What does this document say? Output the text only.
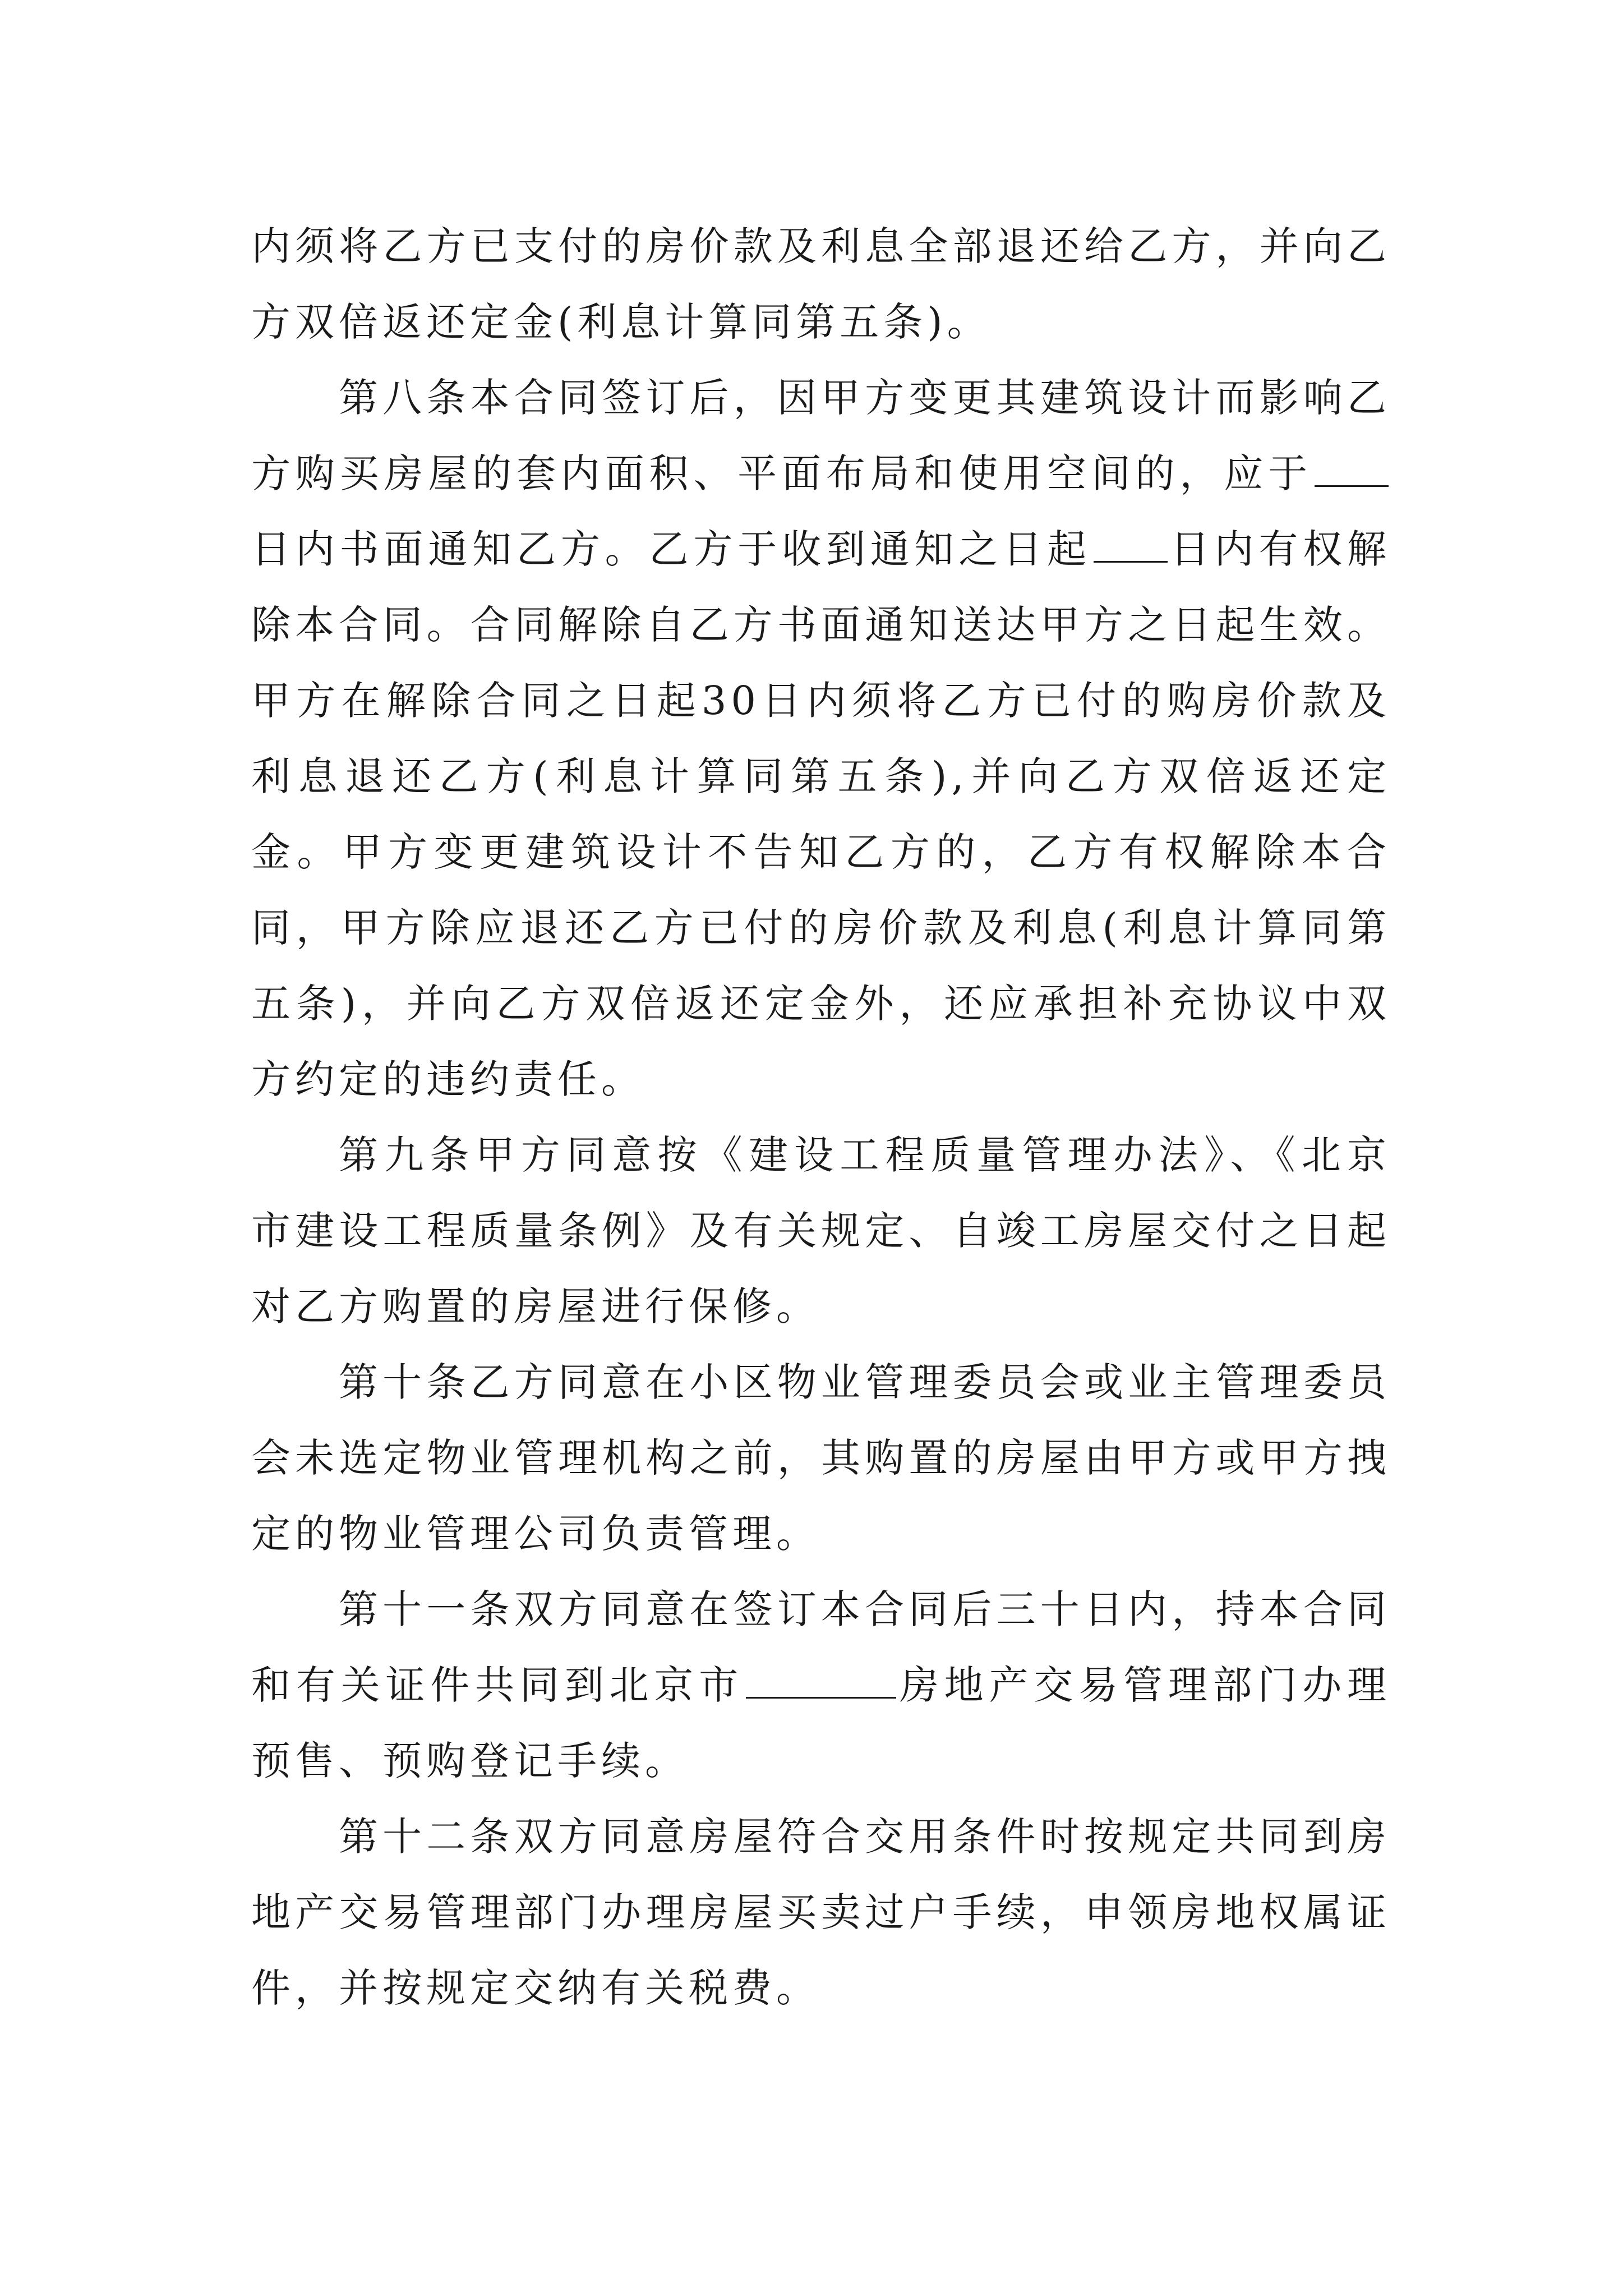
内须将乙方已支付的房价款及利息全部退还给乙方，并向乙方双倍返还定金(利息计算同第五条)。

第八条本合同签订后，因甲方变更其建筑设计而影响乙方购买房屋的套内面积、平面布局和使用空间的，应于日内书面通知乙方。乙方于收到通知之日起 日内有权解除本合同。合同解除自乙方书面通知送达甲方之日起生效。甲方在解除合同之日起30日内须将乙方已付的购房价款及利息退还乙方(利息计算同第五条),并向乙方双倍返还定金。甲方变更建筑设计不告知乙方的，乙方有权解除本合同，甲方除应退还乙方已付的房价款及利息(利息计算同第五条)，并向乙方双倍返还定金外，还应承担补充协议中双方约定的违约责任。

第九条甲方同意按《建设工程质量管理办法》、《北京市建设工程质量条例》及有关规定、自竣工房屋交付之日起对乙方购置的房屋进行保修。

第十条乙方同意在小区物业管理委员会或业主管理委员会未选定物业管理机构之前，其购置的房屋由甲方或甲方拽定的物业管理公司负责管理。

第十一条双方同意在签订本合同后三十日内，持本合同和有关证件共同到北京市	房地产交易管理部门办理预售、预购登记手续。

第十二条双方同意房屋符合交用条件时按规定共同到房地产交易管理部门办理房屋买卖过户手续，申领房地权属证件，并按规定交纳有关税费。
